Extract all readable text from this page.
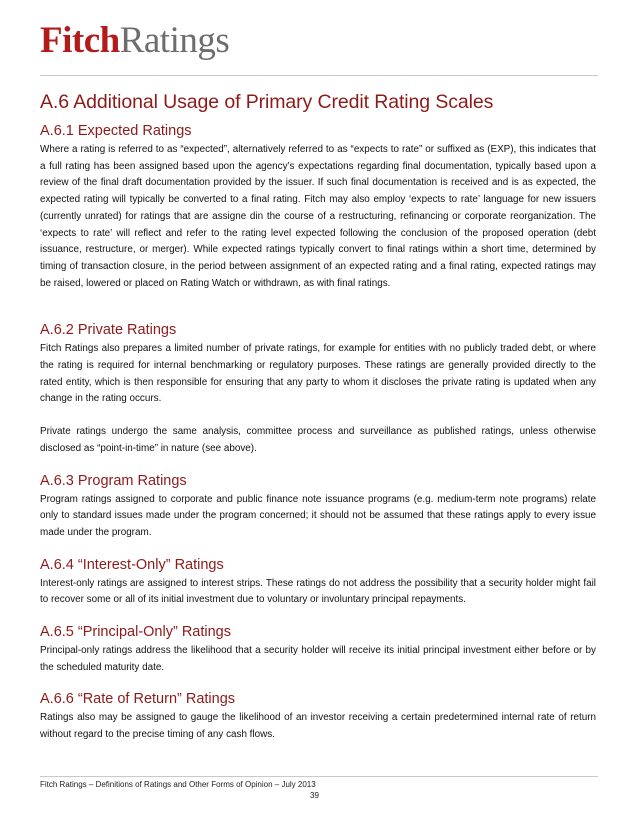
FitchRatings
A.6 Additional Usage of Primary Credit Rating Scales
A.6.1 Expected Ratings

Where a rating is referred to as “expected”, alternatively referred to as “expects to rate” or suffixed as (EXP), this indicates that a full rating has been assigned based upon the agency’s expectations regarding final documentation, typically based upon a review of the final draft documentation provided by the issuer. If such final documentation is received and is as expected, the expected rating will typically be converted to a final rating. Fitch may also employ ‘expects to rate’ language for new issuers (currently unrated) for ratings that are assigne din the course of a restructuring, refinancing or corporate reorganization. The ‘expects to rate’ will reflect and refer to the rating level expected following the conclusion of the proposed operation (debt issuance, restructure, or merger). While expected ratings typically convert to final ratings within a short time, determined by timing of transaction closure, in the period between assignment of an expected rating and a final rating, expected ratings may be raised, lowered or placed on Rating Watch or withdrawn, as with final ratings.

A.6.2 Private Ratings

Fitch Ratings also prepares a limited number of private ratings, for example for entities with no publicly traded debt, or where the rating is required for internal benchmarking or regulatory purposes. These ratings are generally provided directly to the rated entity, which is then responsible for ensuring that any party to whom it discloses the private rating is updated when any change in the rating occurs.

Private ratings undergo the same analysis, committee process and surveillance as published ratings, unless otherwise disclosed as “point-in-time” in nature (see above).

A.6.3 Program Ratings

Program ratings assigned to corporate and public finance note issuance programs (e.g. medium-term note programs) relate only to standard issues made under the program concerned; it should not be assumed that these ratings apply to every issue made under the program.

A.6.4 “Interest-Only” Ratings

Interest-only ratings are assigned to interest strips. These ratings do not address the possibility that a security holder might fail to recover some or all of its initial investment due to voluntary or involuntary principal repayments.

A.6.5 “Principal-Only” Ratings

Principal-only ratings address the likelihood that a security holder will receive its initial principal investment either before or by the scheduled maturity date.

A.6.6 “Rate of Return” Ratings

Ratings also may be assigned to gauge the likelihood of an investor receiving a certain predetermined internal rate of return without regard to the precise timing of any cash flows.

Fitch Ratings – Definitions of Ratings and Other Forms of Opinion – July 2013
39
